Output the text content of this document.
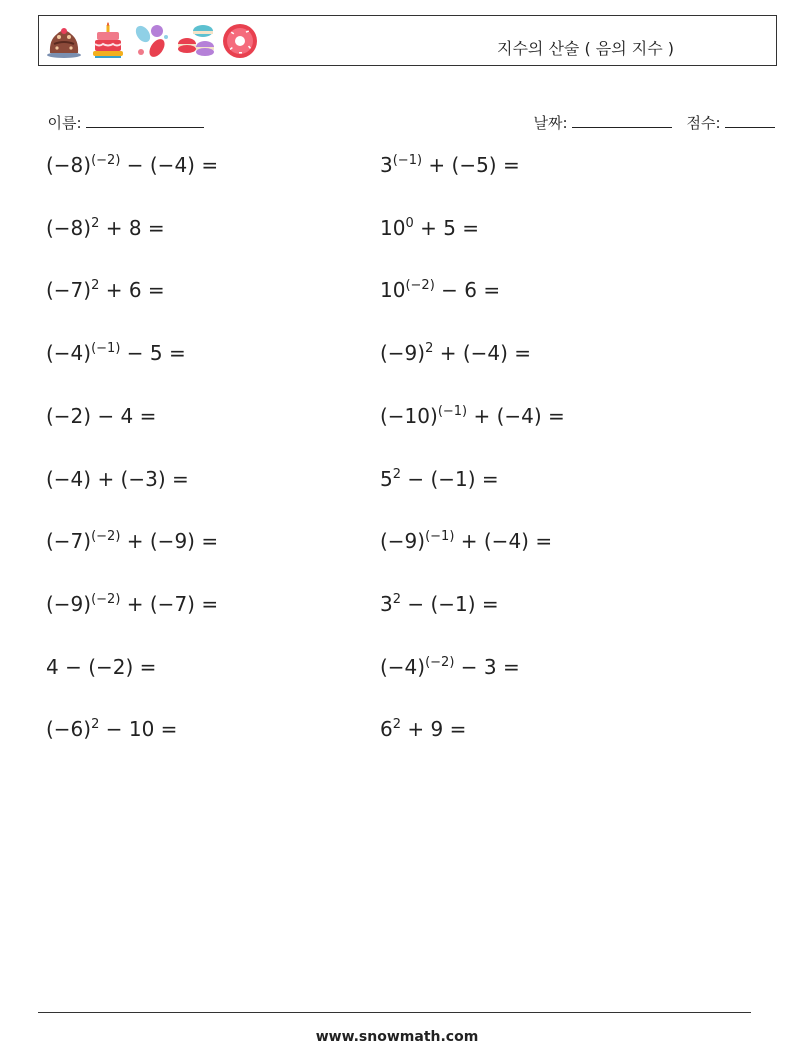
지수의 산술 ( 음의 지수 )

이름:	날짜:	점수:

$(-8)^{(-2)} - (-4)$ =	$3^{(-1)} + (-5)$ =
$(-8)^2 + 8$ =	$10^0 + 5$ =
$(-7)^2 + 6$ =	$10^{(-2)} - 6$ =
$(-4)^{(-1)} - 5$ =	$(-9)^2 + (-4)$ =
(−2) − 4 =	$(-10)^{(-1)} + (-4)$ =
(−4) + (−3) =	$5^2 - (-1)$ =
$(-7)^{(-2)} + (-9)$ =	$(-9)^{(-1)} + (-4)$ =
$(-9)^{(-2)} + (-7)$ =	$3^2 - (-1)$ =
4 − (−2) =	$(-4)^{(-2)} - 3$ =
$(-6)^2 - 10$ =	$6^2 + 9$ =
www.snowmath.com
